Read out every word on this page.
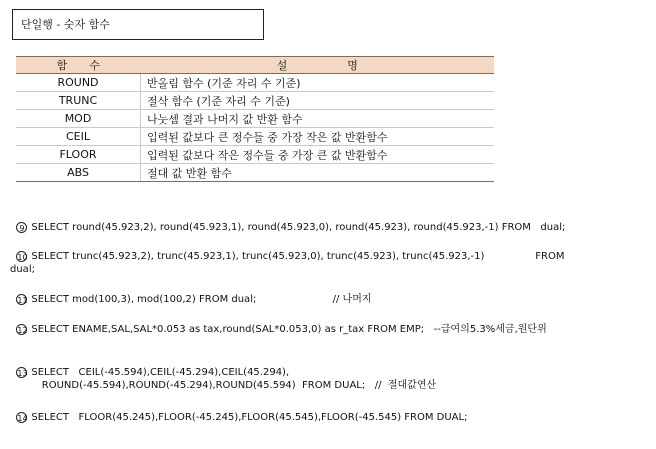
단일행 - 숫자 함수
함수	설명
ROUND	반올림 함수 (기준 자리 수 기준)
TRUNC	절삭 함수 (기준 자리 수 기준)
MOD	나눗셈 결과 나머지 값 반환 함수
CEIL	입력된 값보다 큰 정수들 중 가장 작은 값 반환함수
FLOOR	입력된 값보다 작은 정수들 중 가장 큰 값 반환함수
ABS	절대 값 반환 함수

9 SELECT round(45.923,2), round(45.923,1), round(45.923,0), round(45.923), round(45.923,-1) FROM   dual;

10 SELECT trunc(45.923,2), trunc(45.923,1), trunc(45.923,0), trunc(45.923), trunc(45.923,-1)                FROM
dual;

11 SELECT mod(100,3), mod(100,2) FROM dual;                        // 나머지

12 SELECT ENAME,SAL,SAL*0.053 as tax,round(SAL*0.053,0) as r_tax FROM EMP;   --급여의5.3%세금,원단위

13 SELECT   CEIL(-45.594),CEIL(-45.294),CEIL(45.294),
ROUND(-45.594),ROUND(-45.294),ROUND(45.594)  FROM DUAL;   //  절대값연산

14 SELECT   FLOOR(45.245),FLOOR(-45.245),FLOOR(45.545),FLOOR(-45.545) FROM DUAL;
